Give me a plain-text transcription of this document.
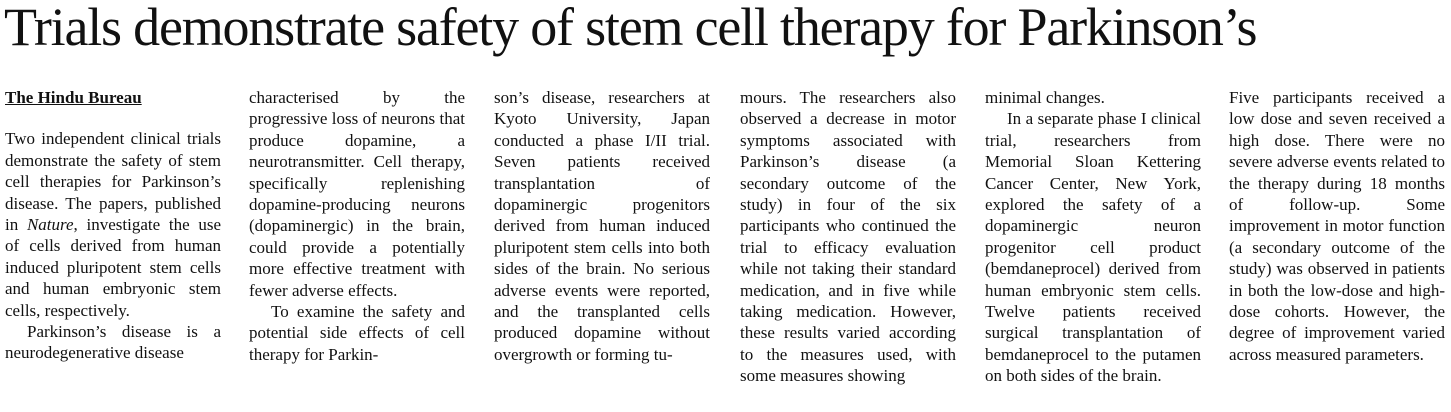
Trials demonstrate safety of stem cell therapy for Parkinson’s

The Hindu Bureau

Two independent clinical trials demonstrate the safety of stem cell therapies for Parkinson’s disease. The papers, published in Nature, investigate the use of cells derived from human induced pluripotent stem cells and human embryonic stem cells, respectively.

Parkinson’s disease is a neurodegenerative disease

characterised by the progressive loss of neurons that produce dopamine, a neurotransmitter. Cell therapy, specifically replenishing dopamine-producing neurons (dopaminergic) in the brain, could provide a potentially more effective treatment with fewer adverse effects.

To examine the safety and potential side effects of cell therapy for Parkin-

son’s disease, researchers at Kyoto University, Japan conducted a phase I/II trial. Seven patients received transplantation of dopaminergic progenitors derived from human induced pluripotent stem cells into both sides of the brain. No serious adverse events were reported, and the transplanted cells produced dopamine without overgrowth or forming tu-

mours. The researchers also observed a decrease in motor symptoms associated with Parkinson’s disease (a secondary outcome of the study) in four of the six participants who continued the trial to efficacy evaluation while not taking their standard medication, and in five while taking medication. However, these results varied according to the measures used, with some measures showing

minimal changes.

In a separate phase I clinical trial, researchers from Memorial Sloan Kettering Cancer Center, New York, explored the safety of a dopaminergic neuron progenitor cell product (bemdaneprocel) derived from human embryonic stem cells. Twelve patients received surgical transplantation of bemdaneprocel to the putamen on both sides of the brain.

Five participants received a low dose and seven received a high dose. There were no severe adverse events related to the therapy during 18 months of follow-up. Some improvement in motor function (a secondary outcome of the study) was observed in patients in both the low-dose and high-dose cohorts. However, the degree of improvement varied across measured parameters.
